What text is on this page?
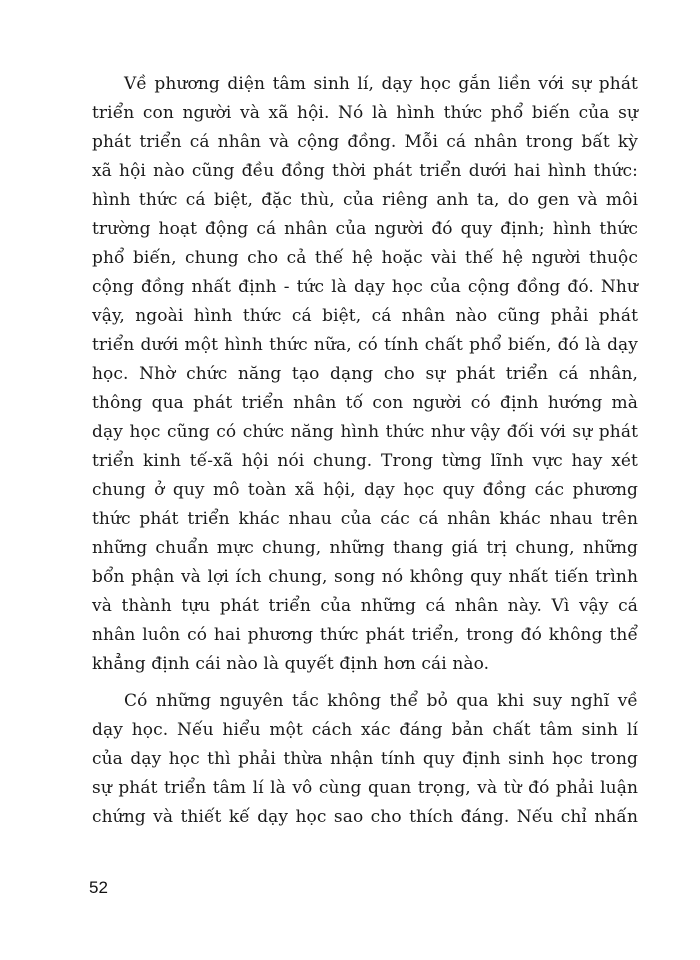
Về phương diện tâm sinh lí, dạy học gắn liền với sự phát
triển con người và xã hội. Nó là hình thức phổ biến của sự
phát triển cá nhân và cộng đồng. Mỗi cá nhân trong bất kỳ
xã hội nào cũng đều đồng thời phát triển dưới hai hình thức:
hình thức cá biệt, đặc thù, của riêng anh ta, do gen và môi
trường hoạt động cá nhân của người đó quy định; hình thức
phổ biến, chung cho cả thế hệ hoặc vài thế hệ người thuộc
cộng đồng nhất định - tức là dạy học của cộng đồng đó. Như
vậy, ngoài hình thức cá biệt, cá nhân nào cũng phải phát
triển dưới một hình thức nữa, có tính chất phổ biến, đó là dạy
học. Nhờ chức năng tạo dạng cho sự phát triển cá nhân,
thông qua phát triển nhân tố con người có định hướng mà
dạy học cũng có chức năng hình thức như vậy đối với sự phát
triển kinh tế-xã hội nói chung. Trong từng lĩnh vực hay xét
chung ở quy mô toàn xã hội, dạy học quy đồng các phương
thức phát triển khác nhau của các cá nhân khác nhau trên
những chuẩn mực chung, những thang giá trị chung, những
bổn phận và lợi ích chung, song nó không quy nhất tiến trình
và thành tựu phát triển của những cá nhân này. Vì vậy cá
nhân luôn có hai phương thức phát triển, trong đó không thể
khẳng định cái nào là quyết định hơn cái nào.
Có những nguyên tắc không thể bỏ qua khi suy nghĩ về
dạy học. Nếu hiểu một cách xác đáng bản chất tâm sinh lí
của dạy học thì phải thừa nhận tính quy định sinh học trong
sự phát triển tâm lí là vô cùng quan trọng, và từ đó phải luận
chứng và thiết kế dạy học sao cho thích đáng. Nếu chỉ nhấn
52
